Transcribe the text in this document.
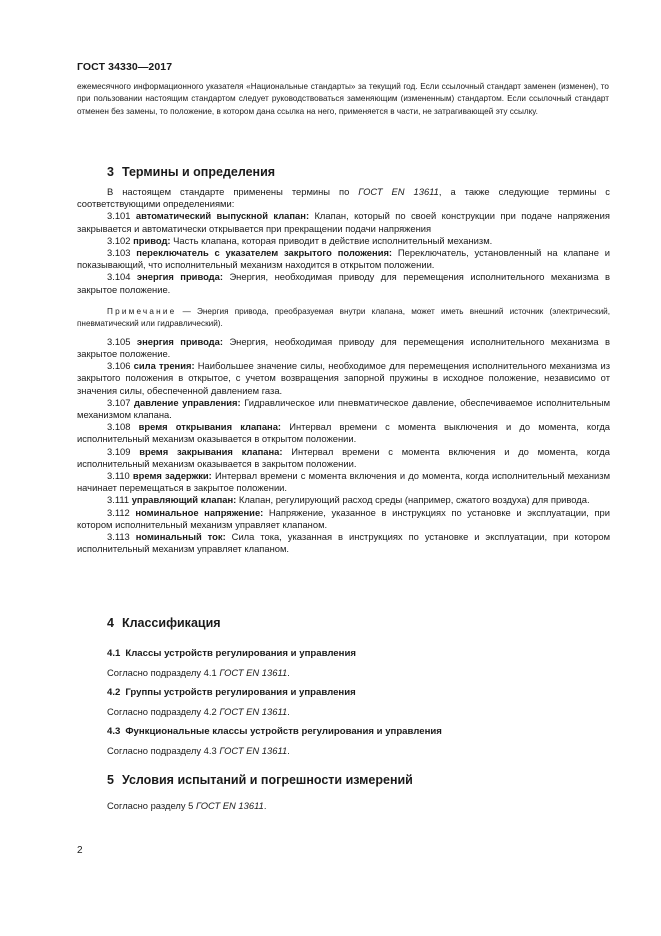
ГОСТ 34330—2017
ежемесячного информационного указателя «Национальные стандарты» за текущий год. Если ссылочный стандарт заменен (изменен), то при пользовании настоящим стандартом следует руководствоваться заменяющим (измененным) стандартом. Если ссылочный стандарт отменен без замены, то положение, в котором дана ссылка на него, применяется в части, не затрагивающей эту ссылку.
3 Термины и определения

В настоящем стандарте применены термины по ГОСТ EN 13611, а также следующие термины с соответствующими определениями:

3.101 автоматический выпускной клапан: Клапан, который по своей конструкции при подаче напряжения закрывается и автоматически открывается при прекращении подачи напряжения

3.102 привод: Часть клапана, которая приводит в действие исполнительный механизм.

3.103 переключатель с указателем закрытого положения: Переключатель, установленный на клапане и показывающий, что исполнительный механизм находится в открытом положении.

3.104 энергия привода: Энергия, необходимая приводу для перемещения исполнительного механизма в закрытое положение.

Примечание — Энергия привода, преобразуемая внутри клапана, может иметь внешний источник (электрический, пневматический или гидравлический).

3.105 энергия привода: Энергия, необходимая приводу для перемещения исполнительного механизма в закрытое положение.

3.106 сила трения: Наибольшее значение силы, необходимое для перемещения исполнительного механизма из закрытого положения в открытое, с учетом возвращения запорной пружины в исходное положение, независимо от значения силы, обеспеченной давлением газа.

3.107 давление управления: Гидравлическое или пневматическое давление, обеспечиваемое исполнительным механизмом клапана.

3.108 время открывания клапана: Интервал времени с момента выключения и до момента, когда исполнительный механизм оказывается в открытом положении.

3.109 время закрывания клапана: Интервал времени с момента включения и до момента, когда исполнительный механизм оказывается в закрытом положении.

3.110 время задержки: Интервал времени с момента включения и до момента, когда исполнительный механизм начинает перемещаться в закрытое положении.

3.111 управляющий клапан: Клапан, регулирующий расход среды (например, сжатого воздуха) для привода.

3.112 номинальное напряжение: Напряжение, указанное в инструкциях по установке и эксплуатации, при котором исполнительный механизм управляет клапаном.

3.113 номинальный ток: Сила тока, указанная в инструкциях по установке и эксплуатации, при котором исполнительный механизм управляет клапаном.

4 Классификация
4.1 Классы устройств регулирования и управления
Согласно подразделу 4.1 ГОСТ EN 13611.
4.2 Группы устройств регулирования и управления
Согласно подразделу 4.2 ГОСТ EN 13611.
4.3 Функциональные классы устройств регулирования и управления
Согласно подразделу 4.3 ГОСТ EN 13611.
5 Условия испытаний и погрешности измерений
Согласно разделу 5 ГОСТ EN 13611.
2
